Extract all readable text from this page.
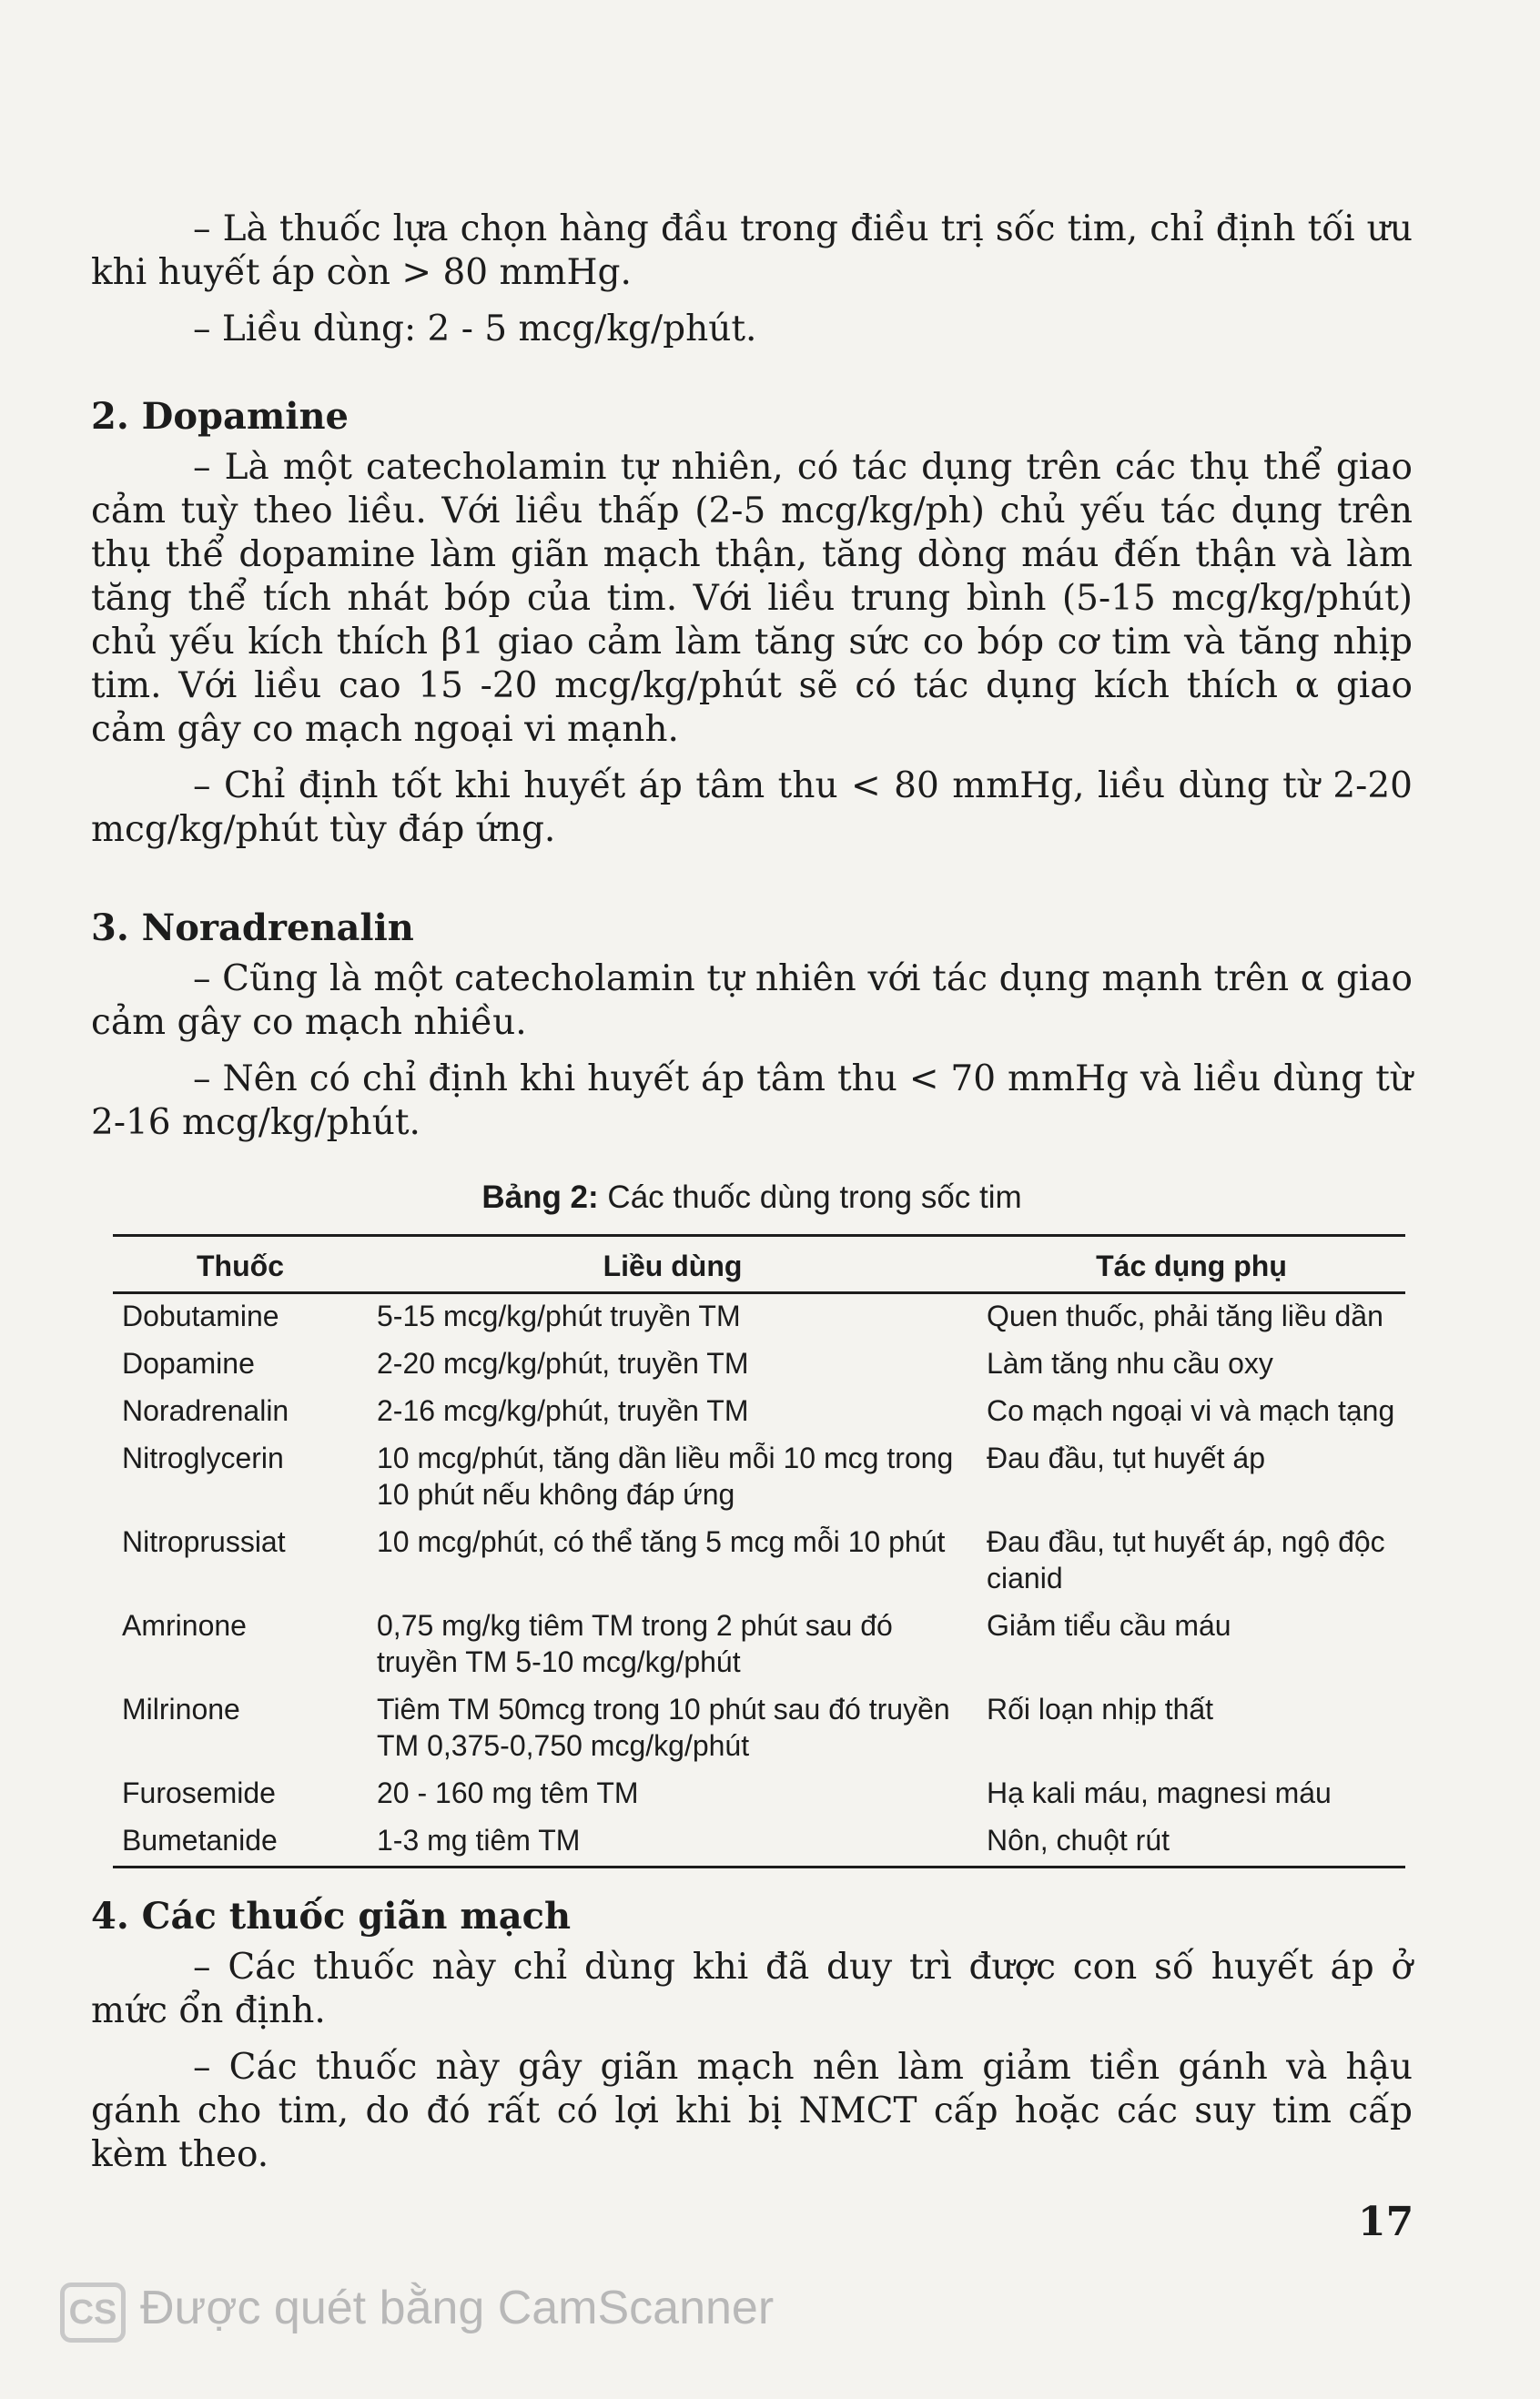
– Là thuốc lựa chọn hàng đầu trong điều trị sốc tim, chỉ định tối ưu khi huyết áp còn > 80 mmHg.

– Liều dùng: 2 - 5 mcg/kg/phút.

2. Dopamine

– Là một catecholamin tự nhiên, có tác dụng trên các thụ thể giao cảm tuỳ theo liều. Với liều thấp (2-5 mcg/kg/ph) chủ yếu tác dụng trên thụ thể dopamine làm giãn mạch thận, tăng dòng máu đến thận và làm tăng thể tích nhát bóp của tim. Với liều trung bình (5-15 mcg/kg/phút) chủ yếu kích thích β1 giao cảm làm tăng sức co bóp cơ tim và tăng nhịp tim. Với liều cao 15 -20 mcg/kg/phút sẽ có tác dụng kích thích α giao cảm gây co mạch ngoại vi mạnh.

– Chỉ định tốt khi huyết áp tâm thu < 80 mmHg, liều dùng từ 2-20 mcg/kg/phút tùy đáp ứng.

3. Noradrenalin

– Cũng là một catecholamin tự nhiên với tác dụng mạnh trên α giao cảm gây co mạch nhiều.

– Nên có chỉ định khi huyết áp tâm thu < 70 mmHg và liều dùng từ 2-16 mcg/kg/phút.

Bảng 2: Các thuốc dùng trong sốc tim
Thuốc	Liều dùng	Tác dụng phụ
Dobutamine	5-15 mcg/kg/phút truyền TM	Quen thuốc, phải tăng liều dần
Dopamine	2-20 mcg/kg/phút, truyền TM	Làm tăng nhu cầu oxy
Noradrenalin	2-16 mcg/kg/phút, truyền TM	Co mạch ngoại vi và mạch tạng
Nitroglycerin	10 mcg/phút, tăng dần liều mỗi 10 mcg trong 10 phút nếu không đáp ứng	Đau đầu, tụt huyết áp
Nitroprussiat	10 mcg/phút, có thể tăng 5 mcg mỗi 10 phút	Đau đầu, tụt huyết áp, ngộ độc cianid
Amrinone	0,75 mg/kg tiêm TM trong 2 phút sau đó truyền TM 5-10 mcg/kg/phút	Giảm tiểu cầu máu
Milrinone	Tiêm TM 50mcg trong 10 phút sau đó truyền TM 0,375-0,750 mcg/kg/phút	Rối loạn nhịp thất
Furosemide	20 - 160 mg têm TM	Hạ kali máu, magnesi máu
Bumetanide	1-3 mg tiêm TM	Nôn, chuột rút

4. Các thuốc giãn mạch

– Các thuốc này chỉ dùng khi đã duy trì được con số huyết áp ở mức ổn định.

– Các thuốc này gây giãn mạch nên làm giảm tiền gánh và hậu gánh cho tim, do đó rất có lợi khi bị NMCT cấp hoặc các suy tim cấp kèm theo.

17
CS Được quét bằng CamScanner
